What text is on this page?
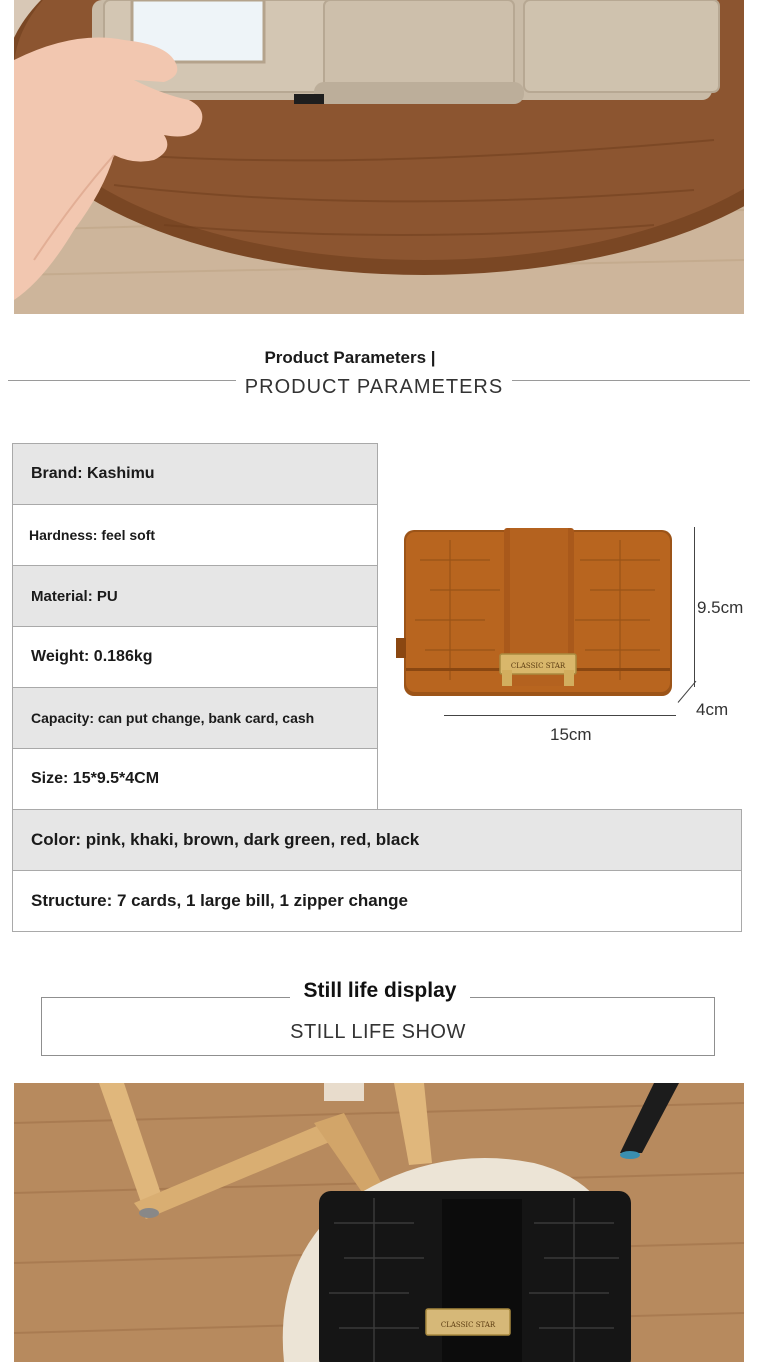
Product Parameters |
PRODUCT PARAMETERS
Brand: Kashimu
Hardness: feel soft
Material: PU
Weight: 0.186kg
Capacity: can put change, bank card, cash
Size: 15*9.5*4CM
Color: pink, khaki, brown, dark green, red, black
Structure: 7 cards, 1 large bill, 1 zipper change
CLASSIC STAR
9.5cm
15cm
4cm
Still life display
STILL LIFE SHOW
CLASSIC STAR
